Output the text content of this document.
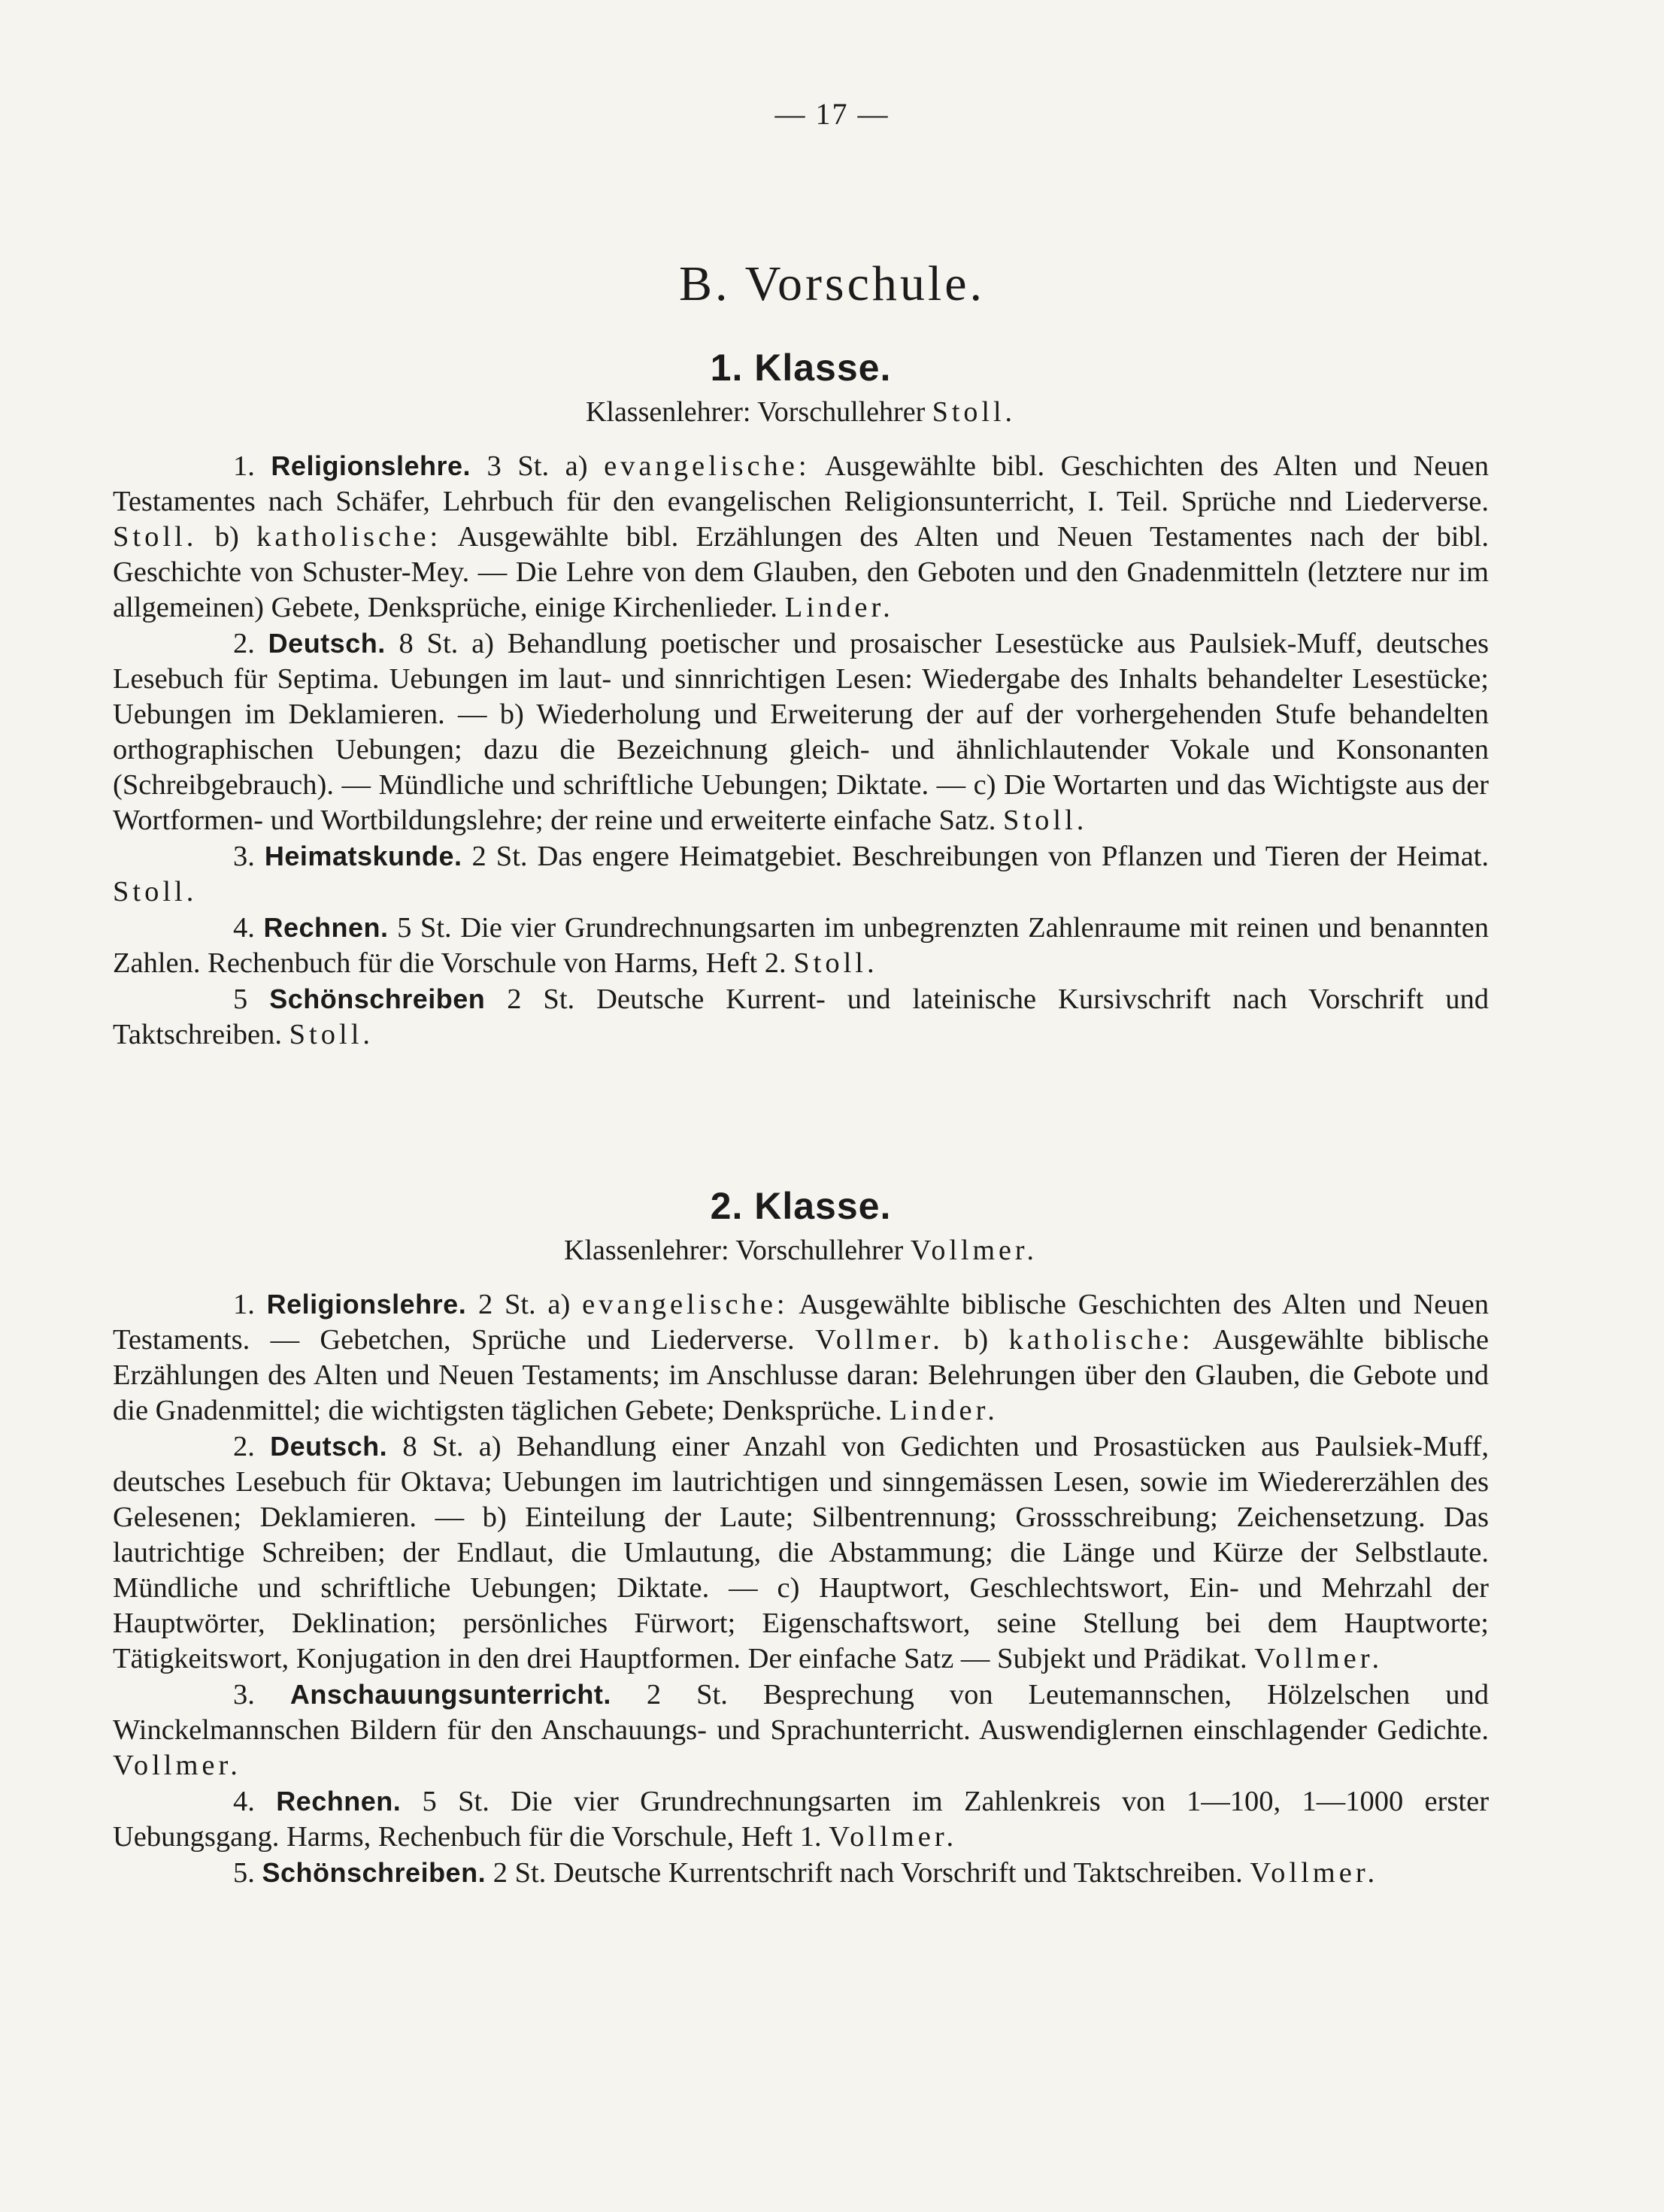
— 17 —
B. Vorschule.
1. Klasse.
Klassenlehrer: Vorschullehrer Stoll.
1. Religionslehre. 3 St. a) evangelische: Ausgewählte bibl. Geschichten des Alten und Neuen Testamentes nach Schäfer, Lehrbuch für den evangelischen Religionsunterricht, I. Teil. Sprüche nnd Liederverse. Stoll. b) katholische: Ausgewählte bibl. Erzählungen des Alten und Neuen Testamentes nach der bibl. Geschichte von Schuster-Mey. — Die Lehre von dem Glauben, den Geboten und den Gnadenmitteln (letztere nur im allgemeinen) Gebete, Denksprüche, einige Kirchenlieder. Linder.
2. Deutsch. 8 St. a) Behandlung poetischer und prosaischer Lesestücke aus Paulsiek-Muff, deutsches Lesebuch für Septima. Uebungen im laut- und sinnrichtigen Lesen: Wiedergabe des Inhalts behandelter Lesestücke; Uebungen im Deklamieren. — b) Wiederholung und Erweiterung der auf der vorhergehenden Stufe behandelten orthographischen Uebungen; dazu die Bezeichnung gleich- und ähnlichlautender Vokale und Konsonanten (Schreibgebrauch). — Mündliche und schriftliche Uebungen; Diktate. — c) Die Wortarten und das Wichtigste aus der Wortformen- und Wortbildungslehre; der reine und erweiterte einfache Satz. Stoll.
3. Heimatskunde. 2 St. Das engere Heimatgebiet. Beschreibungen von Pflanzen und Tieren der Heimat. Stoll.
4. Rechnen. 5 St. Die vier Grundrechnungsarten im unbegrenzten Zahlenraume mit reinen und benannten Zahlen. Rechenbuch für die Vorschule von Harms, Heft 2. Stoll.
5 Schönschreiben 2 St. Deutsche Kurrent- und lateinische Kursivschrift nach Vorschrift und Taktschreiben. Stoll.
2. Klasse.
Klassenlehrer: Vorschullehrer Vollmer.
1. Religionslehre. 2 St. a) evangelische: Ausgewählte biblische Geschichten des Alten und Neuen Testaments. — Gebetchen, Sprüche und Liederverse. Vollmer. b) katholische: Ausgewählte biblische Erzählungen des Alten und Neuen Testaments; im Anschlusse daran: Belehrungen über den Glauben, die Gebote und die Gnadenmittel; die wichtigsten täglichen Gebete; Denksprüche. Linder.
2. Deutsch. 8 St. a) Behandlung einer Anzahl von Gedichten und Prosastücken aus Paulsiek-Muff, deutsches Lesebuch für Oktava; Uebungen im lautrichtigen und sinngemässen Lesen, sowie im Wiedererzählen des Gelesenen; Deklamieren. — b) Einteilung der Laute; Silbentrennung; Grossschreibung; Zeichensetzung. Das lautrichtige Schreiben; der Endlaut, die Umlautung, die Abstammung; die Länge und Kürze der Selbstlaute. Mündliche und schriftliche Uebungen; Diktate. — c) Hauptwort, Geschlechtswort, Ein- und Mehrzahl der Hauptwörter, Deklination; persönliches Fürwort; Eigenschaftswort, seine Stellung bei dem Hauptworte; Tätigkeitswort, Konjugation in den drei Hauptformen. Der einfache Satz — Subjekt und Prädikat. Vollmer.
3. Anschauungsunterricht. 2 St. Besprechung von Leutemannschen, Hölzelschen und Winckelmannschen Bildern für den Anschauungs- und Sprachunterricht. Auswendiglernen einschlagender Gedichte. Vollmer.
4. Rechnen. 5 St. Die vier Grundrechnungsarten im Zahlenkreis von 1—100, 1—1000 erster Uebungsgang. Harms, Rechenbuch für die Vorschule, Heft 1. Vollmer.
5. Schönschreiben. 2 St. Deutsche Kurrentschrift nach Vorschrift und Taktschreiben. Vollmer.
